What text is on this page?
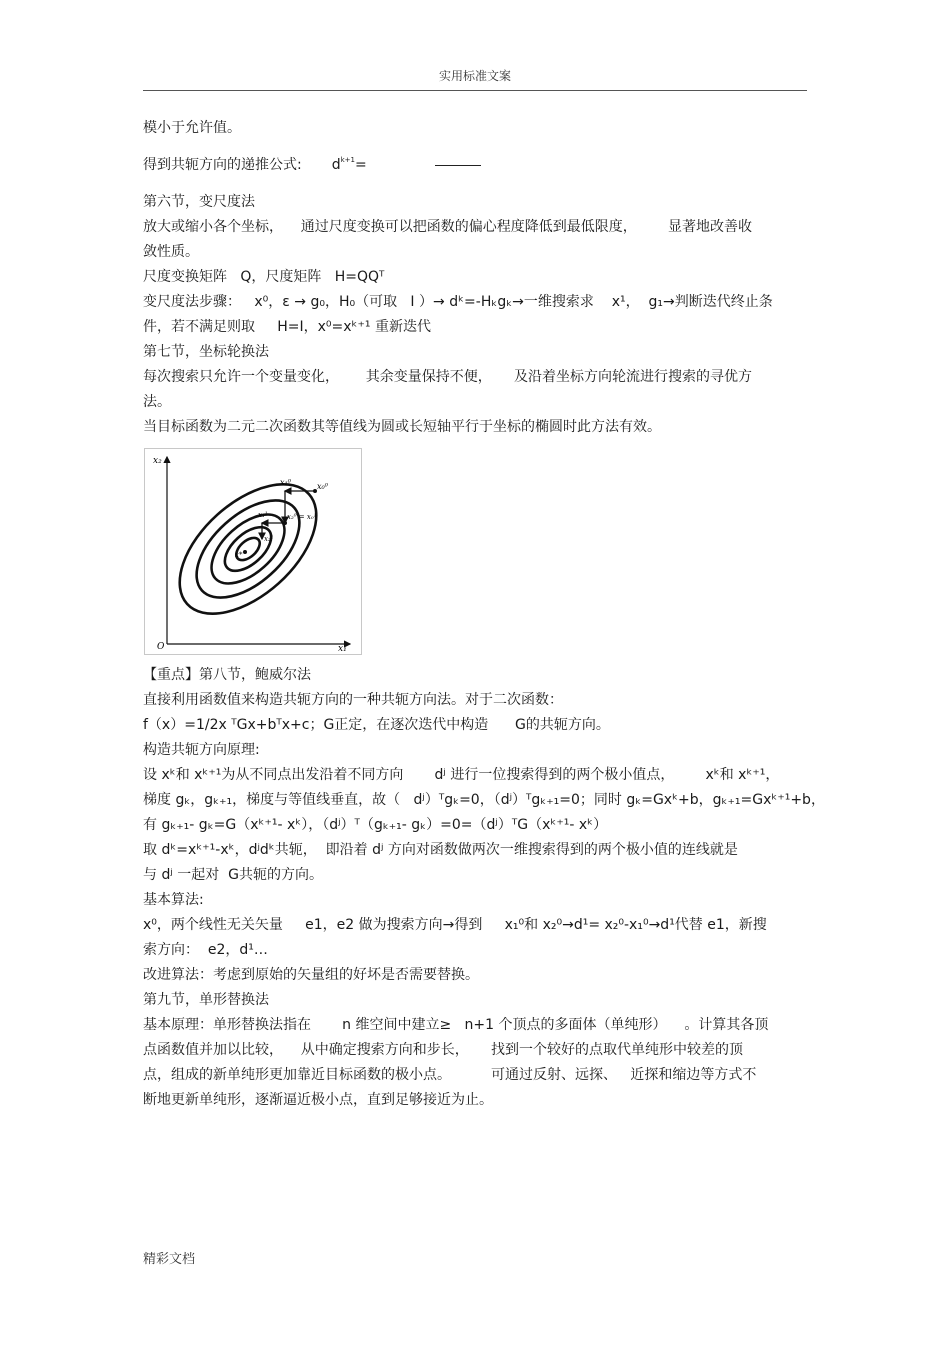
实用标准文案
模小于允许值。
得到共轭方向的递推公式: $d^{k+1}=$
第六节，变尺度法
放大或缩小各个坐标，    通过尺度变换可以把函数的偏心程度降低到最低限度，       显著地改善收
敛性质。
尺度变换矩阵   Q，尺度矩阵   H=QQᵀ
变尺度法步骤：   x⁰，ε → g₀，H₀（可取   I ）→ dᵏ=-Hₖgₖ→一维搜索求    x¹，  g₁→判断迭代终止条
件，若不满足则取     H=I，x⁰=xᵏ⁺¹ 重新迭代
第七节，坐标轮换法
每次搜索只允许一个变量变化，      其余变量保持不便，     及沿着坐标方向轮流进行搜索的寻优方
法。
当目标函数为二元二次函数其等值线为圆或长短轴平行于坐标的椭圆时此方法有效。
x₂
x₁
O
x₀⁰
x₁⁰
x₂⁰ = x₀¹
x₁¹
x₂¹
x*
【重点】第八节，鲍威尔法
直接利用函数值来构造共轭方向的一种共轭方向法。对于二次函数：
f（x）=1/2x ᵀGx+bᵀx+c；G正定，在逐次迭代中构造      G的共轭方向。
构造共轭方向原理:
设 xᵏ和 xᵏ⁺¹为从不同点出发沿着不同方向       dʲ 进行一位搜索得到的两个极小值点，       xᵏ和 xᵏ⁺¹，
梯度 gₖ，gₖ₊₁，梯度与等值线垂直，故（   dʲ）ᵀgₖ=0，（dʲ）ᵀgₖ₊₁=0；同时 gₖ=Gxᵏ+b，gₖ₊₁=Gxᵏ⁺¹+b，
有 gₖ₊₁- gₖ=G（xᵏ⁺¹- xᵏ），（dʲ）ᵀ（gₖ₊₁- gₖ）=0=（dʲ）ᵀG（xᵏ⁺¹- xᵏ）
取 dᵏ=xᵏ⁺¹-xᵏ，dʲdᵏ共轭，  即沿着 dʲ 方向对函数做两次一维搜索得到的两个极小值的连线就是
与 dʲ 一起对  G共轭的方向。
基本算法:
x⁰，两个线性无关矢量     e1，e2 做为搜索方向→得到     x₁⁰和 x₂⁰→d¹= x₂⁰-x₁⁰→d¹代替 e1，新搜
索方向：  e2，d¹…
改进算法：考虑到原始的矢量组的好坏是否需要替换。
第九节，单形替换法
基本原理：单形替换法指在       n 维空间中建立≥   n+1 个顶点的多面体（单纯形）    。计算其各顶
点函数值并加以比较，    从中确定搜索方向和步长，     找到一个较好的点取代单纯形中较差的顶
点，组成的新单纯形更加靠近目标函数的极小点。         可通过反射、远探、   近探和缩边等方式不
断地更新单纯形，逐渐逼近极小点，直到足够接近为止。
精彩文档
